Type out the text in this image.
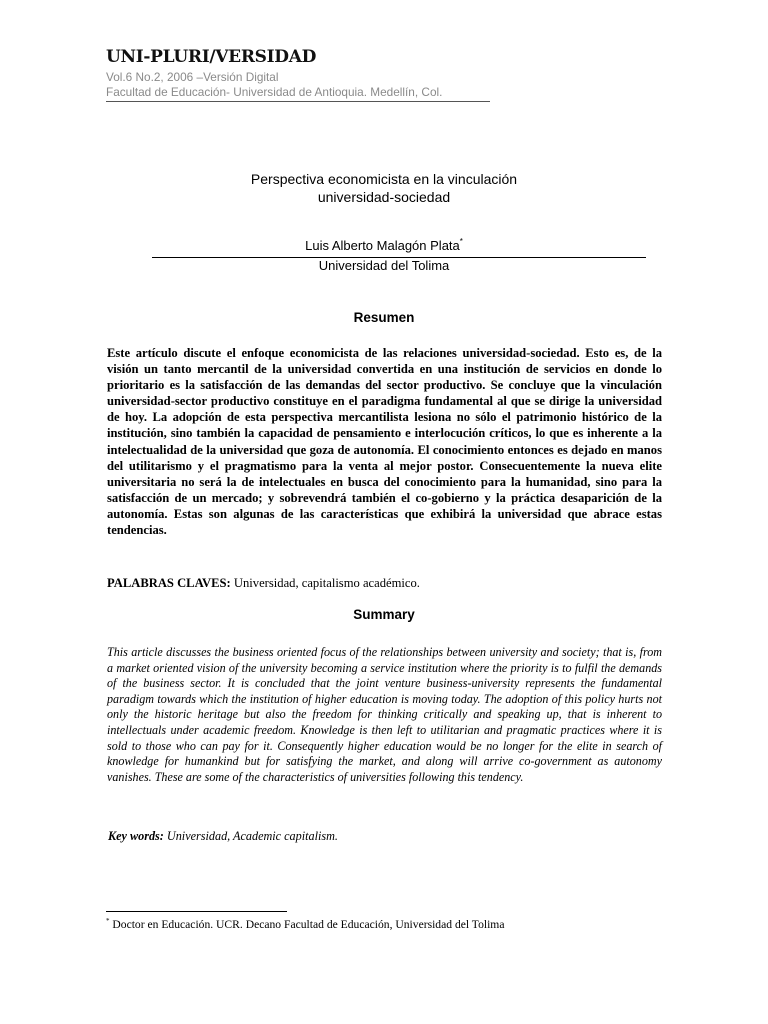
UNI-PLURI/VERSIDAD
Vol.6 No.2, 2006 –Versión Digital
Facultad de Educación- Universidad de Antioquia. Medellín, Col.
Perspectiva economicista en la vinculación
universidad-sociedad
Luis Alberto Malagón Plata*
Universidad del Tolima
Resumen

Este artículo discute el enfoque economicista de las relaciones universidad-sociedad. Esto es, de la visión un tanto mercantil de la universidad convertida en una institución de servicios en donde lo prioritario es la satisfacción de las demandas del sector productivo. Se concluye que la vinculación universidad-sector productivo constituye en el paradigma fundamental al que se dirige la universidad de hoy. La adopción de esta perspectiva mercantilista lesiona no sólo el patrimonio histórico de la institución, sino también la capacidad de pensamiento e interlocución críticos, lo que es inherente a la intelectualidad de la universidad que goza de autonomía. El conocimiento entonces es dejado en manos del utilitarismo y el pragmatismo para la venta al mejor postor. Consecuentemente la nueva elite universitaria no será la de intelectuales en busca del conocimiento para la humanidad, sino para la satisfacción de un mercado; y sobrevendrá también el co-gobierno y la práctica desaparición de la autonomía. Estas son algunas de las características que exhibirá la universidad que abrace estas tendencias.

PALABRAS CLAVES: Universidad, capitalismo académico.

Summary

This article discusses the business oriented focus of the relationships between university and society; that is, from a market oriented vision of the university becoming a service institution where the priority is to fulfil the demands of the business sector. It is concluded that the joint venture business-university represents the fundamental paradigm towards which the institution of higher education is moving today. The adoption of this policy hurts not only the historic heritage but also the freedom for thinking critically and speaking up, that is inherent to intellectuals under academic freedom. Knowledge is then left to utilitarian and pragmatic practices where it is sold to those who can pay for it. Consequently higher education would be no longer for the elite in search of knowledge for humankind but for satisfying the market, and along will arrive co-government as autonomy vanishes. These are some of the characteristics of universities following this tendency.

Key words: Universidad, Academic capitalism.

* Doctor en Educación. UCR. Decano Facultad de Educación, Universidad del Tolima
